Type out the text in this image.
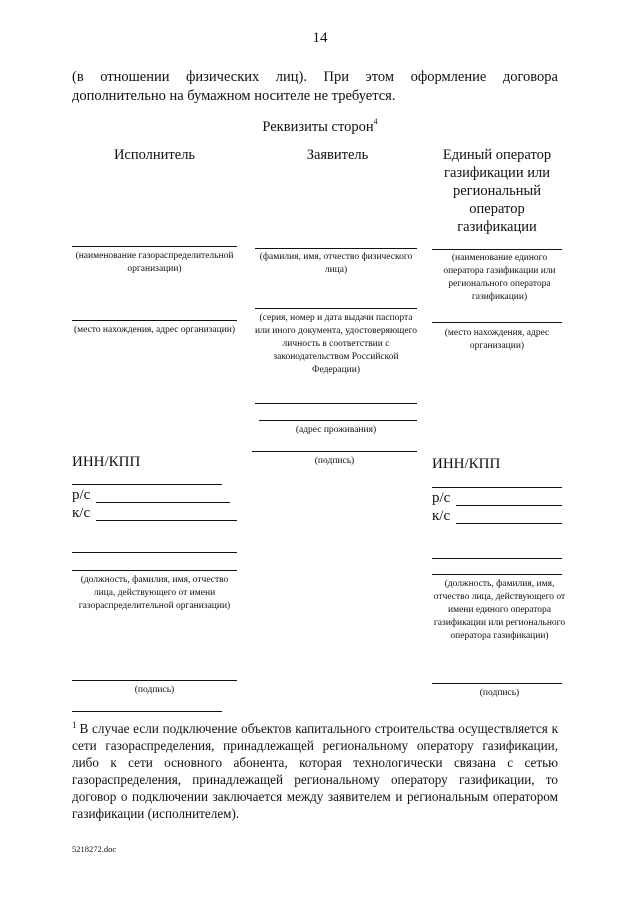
14
(в отношении физических лиц). При этом оформление договора
дополнительно на бумажном носителе не требуется.
Реквизиты сторон$^4$
Исполнитель
(наименование газораспределительной организации)
(место нахождения, адрес организации)
ИНН/КПП
р/с
к/с
(должность, фамилия, имя, отчество лица, действующего от имени газораспределительной организации)
(подпись)
Заявитель
(фамилия, имя, отчество физического лица)
(серия, номер и дата выдачи паспорта или иного документа, удостоверяющего личность в соответствии с законодательством Российской Федерации)
(адрес проживания)
(подпись)
Единый оператор газификации или региональный оператор газификации
(наименование единого оператора газификации или регионального оператора газификации)
(место нахождения, адрес организации)
ИНН/КПП
р/с
к/с
(должность, фамилия, имя, отчество лица, действующего от имени единого оператора газификации или регионального оператора газификации)
(подпись)
$^1$ В случае если подключение объектов капитального строительства осуществляется к сети газораспределения, принадлежащей региональному оператору газификации, либо к сети основного абонента, которая технологически связана с сетью газораспределения, принадлежащей региональному оператору газификации, то договор о подключении заключается между заявителем и региональным оператором газификации (исполнителем).
5218272.doc
